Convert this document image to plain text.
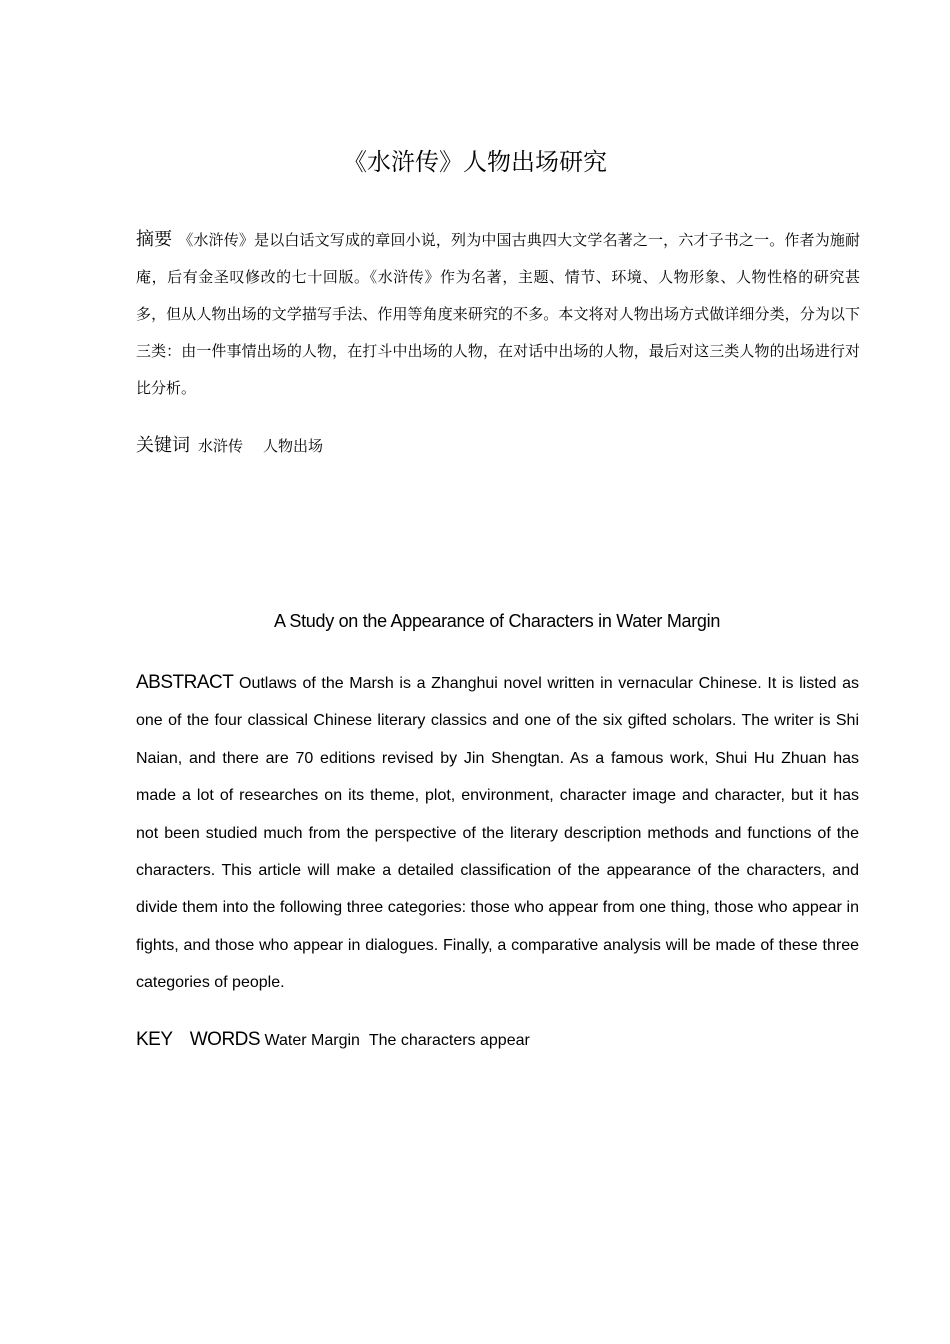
《水浒传》人物出场研究
摘要 《水浒传》是以白话文写成的章回小说，列为中国古典四大文学名著之一，六才子书之一。作者为施耐庵，后有金圣叹修改的七十回版。《水浒传》作为名著，主题、情节、环境、人物形象、人物性格的研究甚多，但从人物出场的文学描写手法、作用等角度来研究的不多。本文将对人物出场方式做详细分类，分为以下三类：由一件事情出场的人物，在打斗中出场的人物，在对话中出场的人物，最后对这三类人物的出场进行对比分析。
关键词 水浒传 人物出场
A Study on the Appearance of Characters in Water Margin
ABSTRACT Outlaws of the Marsh is a Zhanghui novel written in vernacular Chinese. It is listed as one of the four classical Chinese literary classics and one of the six gifted scholars. The writer is Shi Naian, and there are 70 editions revised by Jin Shengtan. As a famous work, Shui Hu Zhuan has made a lot of researches on its theme, plot, environment, character image and character, but it has not been studied much from the perspective of the literary description methods and functions of the characters. This article will make a detailed classification of the appearance of the characters, and divide them into the following three categories: those who appear from one thing, those who appear in fights, and those who appear in dialogues. Finally, a comparative analysis will be made of these three categories of people.
KEY  WORDS Water Margin The characters appear
